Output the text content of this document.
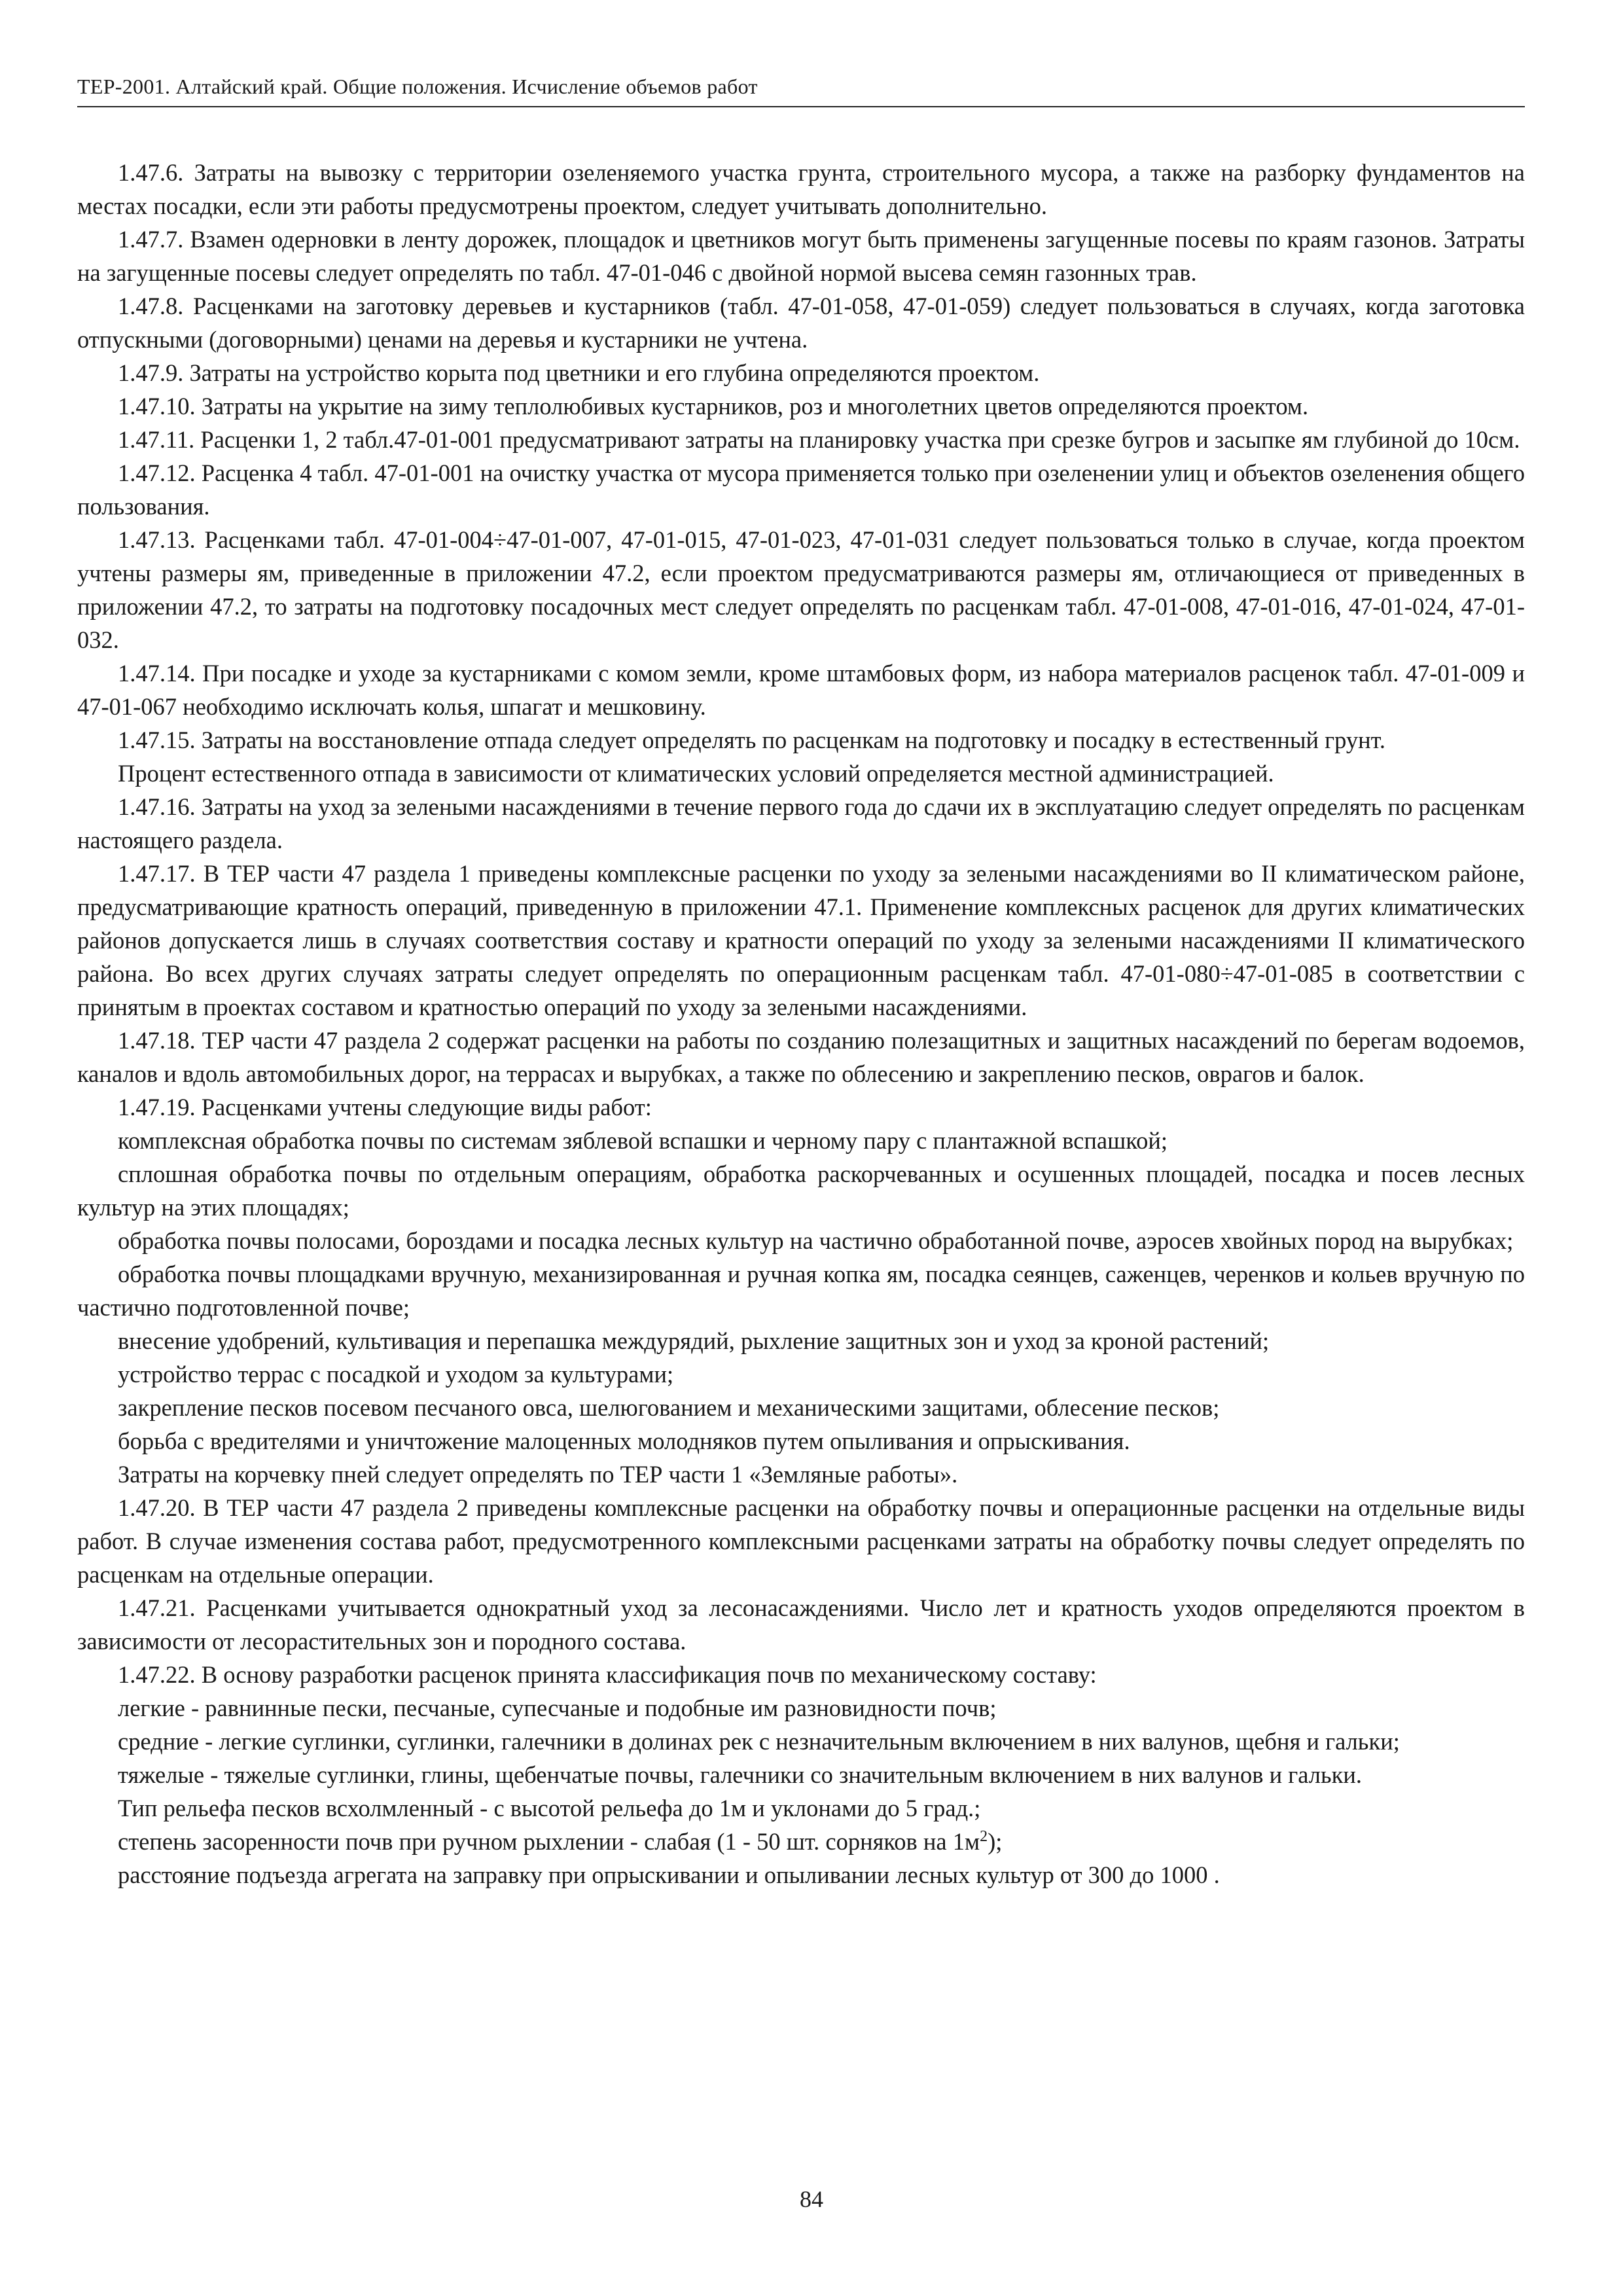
ТЕР-2001. Алтайский край. Общие положения. Исчисление объемов работ

1.47.6. Затраты на вывозку с территории озеленяемого участка грунта, строительного мусора, а также на разборку фундаментов на местах посадки, если эти работы предусмотрены проектом, следует учитывать дополнительно.

1.47.7. Взамен одерновки в ленту дорожек, площадок и цветников могут быть применены загущенные посевы по краям газонов. Затраты на загущенные посевы следует определять по табл. 47-01-046 с двойной нормой высева семян газонных трав.

1.47.8. Расценками на заготовку деревьев и кустарников (табл. 47-01-058, 47-01-059) следует пользоваться в случаях, когда заготовка отпускными (договорными) ценами на деревья и кустарники не учтена.

1.47.9. Затраты на устройство корыта под цветники и его глубина определяются проектом.

1.47.10. Затраты на укрытие на зиму теплолюбивых кустарников, роз и многолетних цветов определяются проектом.

1.47.11. Расценки 1, 2 табл.47-01-001 предусматривают затраты на планировку участка при срезке бугров и засыпке ям глубиной до 10см.

1.47.12. Расценка 4 табл. 47-01-001 на очистку участка от мусора применяется только при озеленении улиц и объектов озеленения общего пользования.

1.47.13. Расценками табл. 47-01-004÷47-01-007, 47-01-015, 47-01-023, 47-01-031 следует пользоваться только в случае, когда проектом учтены размеры ям, приведенные в приложении 47.2, если проектом предусматриваются размеры ям, отличающиеся от приведенных в приложении 47.2, то затраты на подготовку посадочных мест следует определять по расценкам табл. 47-01-008, 47-01-016, 47-01-024, 47-01-032.

1.47.14. При посадке и уходе за кустарниками с комом земли, кроме штамбовых форм, из набора материалов расценок табл. 47-01-009 и 47-01-067 необходимо исключать колья, шпагат и мешковину.

1.47.15. Затраты на восстановление отпада следует определять по расценкам на подготовку и посадку в естественный грунт.

Процент естественного отпада в зависимости от климатических условий определяется местной администрацией.

1.47.16. Затраты на уход за зелеными насаждениями в течение первого года до сдачи их в эксплуатацию следует определять по расценкам настоящего раздела.

1.47.17. В ТЕР части 47 раздела 1 приведены комплексные расценки по уходу за зелеными насаждениями во II климатическом районе, предусматривающие кратность операций, приведенную в приложении 47.1. Применение комплексных расценок для других климатических районов допускается лишь в случаях соответствия составу и кратности операций по уходу за зелеными насаждениями II климатического района. Во всех других случаях затраты следует определять по операционным расценкам табл. 47-01-080÷47-01-085 в соответствии с принятым в проектах составом и кратностью операций по уходу за зелеными насаждениями.

1.47.18. ТЕР части 47 раздела 2 содержат расценки на работы по созданию полезащитных и защитных насаждений по берегам водоемов, каналов и вдоль автомобильных дорог, на террасах и вырубках, а также по облесению и закреплению песков, оврагов и балок.

1.47.19. Расценками учтены следующие виды работ:

комплексная обработка почвы по системам зяблевой вспашки и черному пару с плантажной вспашкой;

сплошная обработка почвы по отдельным операциям, обработка раскорчеванных и осушенных площадей, посадка и посев лесных культур на этих площадях;

обработка почвы полосами, бороздами и посадка лесных культур на частично обработанной почве, аэросев хвойных пород на вырубках;

обработка почвы площадками вручную, механизированная и ручная копка ям, посадка сеянцев, саженцев, черенков и кольев вручную по частично подготовленной почве;

внесение удобрений, культивация и перепашка междурядий, рыхление защитных зон и уход за кроной растений;

устройство террас с посадкой и уходом за культурами;

закрепление песков посевом песчаного овса, шелюгованием и механическими защитами, облесение песков;

борьба с вредителями и уничтожение малоценных молодняков путем опыливания и опрыскивания.

Затраты на корчевку пней следует определять по ТЕР части 1 «Земляные работы».

1.47.20. В ТЕР части 47 раздела 2 приведены комплексные расценки на обработку почвы и операционные расценки на отдельные виды работ. В случае изменения состава работ, предусмотренного комплексными расценками затраты на обработку почвы следует определять по расценкам на отдельные операции.

1.47.21. Расценками учитывается однократный уход за лесонасаждениями. Число лет и кратность уходов определяются проектом в зависимости от лесорастительных зон и породного состава.

1.47.22. В основу разработки расценок принята классификация почв по механическому составу:

легкие - равнинные пески, песчаные, супесчаные и подобные им разновидности почв;

средние - легкие суглинки, суглинки, галечники в долинах рек с незначительным включением в них валунов, щебня и гальки;

тяжелые - тяжелые суглинки, глины, щебенчатые почвы, галечники со значительным включением в них валунов и гальки.

Тип рельефа песков всхолмленный - с высотой рельефа до 1м и уклонами до 5 град.;

степень засоренности почв при ручном рыхлении - слабая (1 - 50 шт. сорняков на $1м^2$);

расстояние подъезда агрегата на заправку при опрыскивании и опыливании лесных культур от 300 до 1000 .

84
